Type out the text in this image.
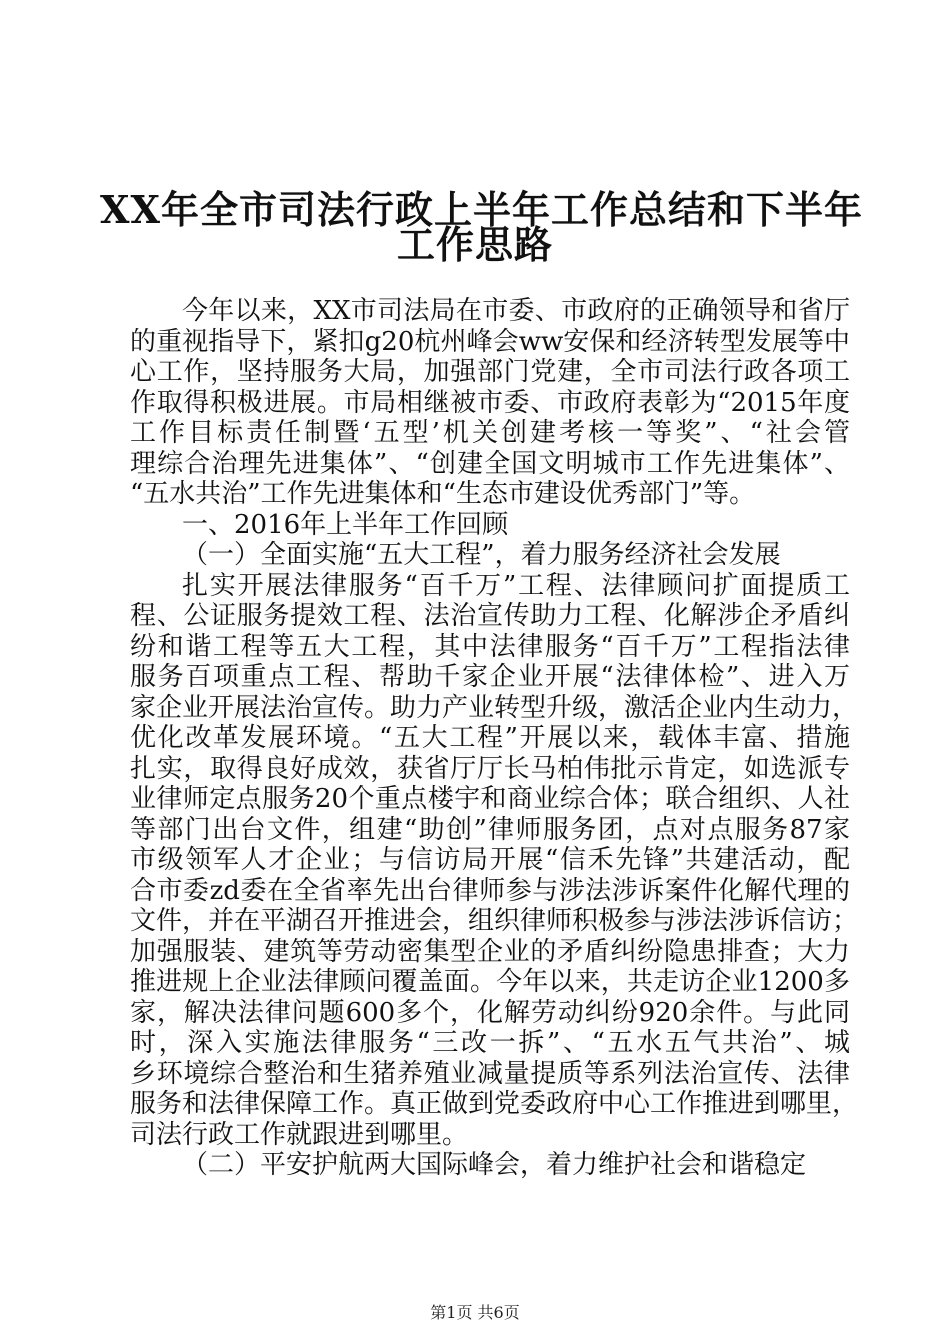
XX年全市司法行政上半年工作总结和下半年
工作思路
今年以来，XX市司法局在市委、市政府的正确领导和省厅
的重视指导下，紧扣g20杭州峰会ww安保和经济转型发展等中
心工作，坚持服务大局，加强部门党建，全市司法行政各项工
作取得积极进展。市局相继被市委、市政府表彰为“2015年度
工作目标责任制暨‘五型’机关创建考核一等奖”、“社会管
理综合治理先进集体”、“创建全国文明城市工作先进集体”、
“五水共治”工作先进集体和“生态市建设优秀部门”等。
一、2016年上半年工作回顾
（一）全面实施“五大工程”，着力服务经济社会发展
扎实开展法律服务“百千万”工程、法律顾问扩面提质工
程、公证服务提效工程、法治宣传助力工程、化解涉企矛盾纠
纷和谐工程等五大工程，其中法律服务“百千万”工程指法律
服务百项重点工程、帮助千家企业开展“法律体检”、进入万
家企业开展法治宣传。助力产业转型升级，激活企业内生动力，
优化改革发展环境。“五大工程”开展以来，载体丰富、措施
扎实，取得良好成效，获省厅厅长马柏伟批示肯定，如选派专
业律师定点服务20个重点楼宇和商业综合体；联合组织、人社
等部门出台文件，组建“助创”律师服务团，点对点服务87家
市级领军人才企业；与信访局开展“信禾先锋”共建活动，配
合市委zd委在全省率先出台律师参与涉法涉诉案件化解代理的
文件，并在平湖召开推进会，组织律师积极参与涉法涉诉信访；
加强服装、建筑等劳动密集型企业的矛盾纠纷隐患排查；大力
推进规上企业法律顾问覆盖面。今年以来，共走访企业1200多
家，解决法律问题600多个，化解劳动纠纷920余件。与此同
时，深入实施法律服务“三改一拆”、“五水五气共治”、城
乡环境综合整治和生猪养殖业减量提质等系列法治宣传、法律
服务和法律保障工作。真正做到党委政府中心工作推进到哪里，
司法行政工作就跟进到哪里。
（二）平安护航两大国际峰会，着力维护社会和谐稳定
第1页 共6页
